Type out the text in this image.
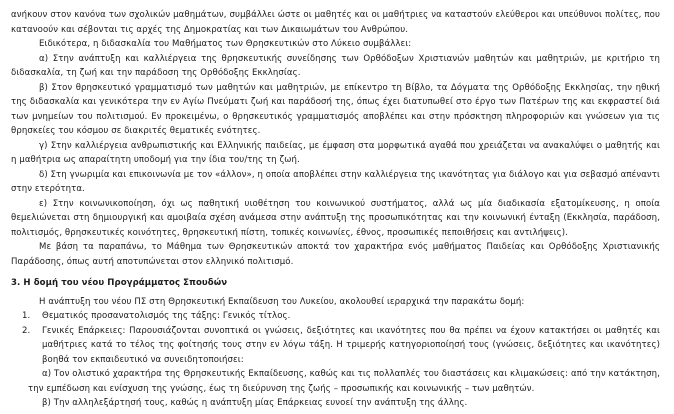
ανήκουν στον κανόνα των σχολικών μαθημάτων, συμβάλλει ώστε οι μαθητές και οι μαθήτριες να καταστούν ελεύθεροι και υπεύθυνοι πολίτες, που κατανοούν και σέβονται τις αρχές της Δημοκρατίας και των Δικαιωμάτων του Ανθρώπου.

Ειδικότερα, η διδασκαλία του Μαθήματος των Θρησκευτικών στο Λύκειο συμβάλλει:

α) Στην ανάπτυξη και καλλιέργεια της θρησκευτικής συνείδησης των Ορθόδοξων Χριστιανών μαθητών και μαθητριών, με κριτήριο τη διδασκαλία, τη ζωή και την παράδοση της Ορθόδοξης Εκκλησίας.

β) Στον θρησκευτικό γραμματισμό των μαθητών και μαθητριών, με επίκεντρο τη Βίβλο, τα Δόγματα της Ορθόδοξης Εκκλησίας, την ηθική της διδασκαλία και γενικότερα την εν Αγίω Πνεύματι ζωή και παράδοσή της, όπως έχει διατυπωθεί στο έργο των Πατέρων της και εκφραστεί διά των μνημείων του πολιτισμού. Εν προκειμένω, ο θρησκευτικός γραμματισμός αποβλέπει και στην πρόσκτηση πληροφοριών και γνώσεων για τις θρησκείες του κόσμου σε διακριτές θεματικές ενότητες.

γ) Στην καλλιέργεια ανθρωπιστικής και Ελληνικής παιδείας, με έμφαση στα μορφωτικά αγαθά που χρειάζεται να ανακαλύψει ο μαθητής και η μαθήτρια ως απαραίτητη υποδομή για την ίδια του/της τη ζωή.

δ) Στη γνωριμία και επικοινωνία με τον «άλλον», η οποία αποβλέπει στην καλλιέργεια της ικανότητας για διάλογο και για σεβασμό απέναντι στην ετερότητα.

ε) Στην κοινωνικοποίηση, όχι ως παθητική υιοθέτηση του κοινωνικού συστήματος, αλλά ως μία διαδικασία εξατομίκευσης, η οποία θεμελιώνεται στη δημιουργική και αμοιβαία σχέση ανάμεσα στην ανάπτυξη της προσωπικότητας και την κοινωνική ένταξη (Εκκλησία, παράδοση, πολιτισμός, θρησκευτικές κοινότητες, θρησκευτική πίστη, τοπικές κοινωνίες, έθνος, προσωπικές πεποιθήσεις και αντιλήψεις).

Με βάση τα παραπάνω, το Μάθημα των Θρησκευτικών αποκτά τον χαρακτήρα ενός μαθήματος Παιδείας και Ορθόδοξης Χριστιανικής Παράδοσης, όπως αυτή αποτυπώνεται στον ελληνικό πολιτισμό.

3. Η δομή του νέου Προγράμματος Σπουδών

Η ανάπτυξη του νέου ΠΣ στη Θρησκευτική Εκπαίδευση του Λυκείου, ακολουθεί ιεραρχικά την παρακάτω δομή:

1.	Θεματικός προσανατολισμός της τάξης: Γενικός τίτλος.
2.	Γενικές Επάρκειες: Παρουσιάζονται συνοπτικά οι γνώσεις, δεξιότητες και ικανότητες που θα πρέπει να έχουν κατακτήσει οι μαθητές και μαθήτριες κατά το τέλος της φοίτησής τους στην εν λόγω τάξη. Η τριμερής κατηγοριοποίησή τους (γνώσεις, δεξιότητες και ικανότητες) βοηθά τον εκπαιδευτικό να συνειδητοποιήσει:
α) Τον ολιστικό χαρακτήρα της Θρησκευτικής Εκπαίδευσης, καθώς και τις πολλαπλές του διαστάσεις και κλιμακώσεις: από την κατάκτηση, την εμπέδωση και ενίσχυση της γνώσης, έως τη διεύρυνση της ζωής – προσωπικής και κοινωνικής – των μαθητών.
β) Την αλληλεξάρτησή τους, καθώς η ανάπτυξη μίας Επάρκειας ευνοεί την ανάπτυξη της άλλης.
